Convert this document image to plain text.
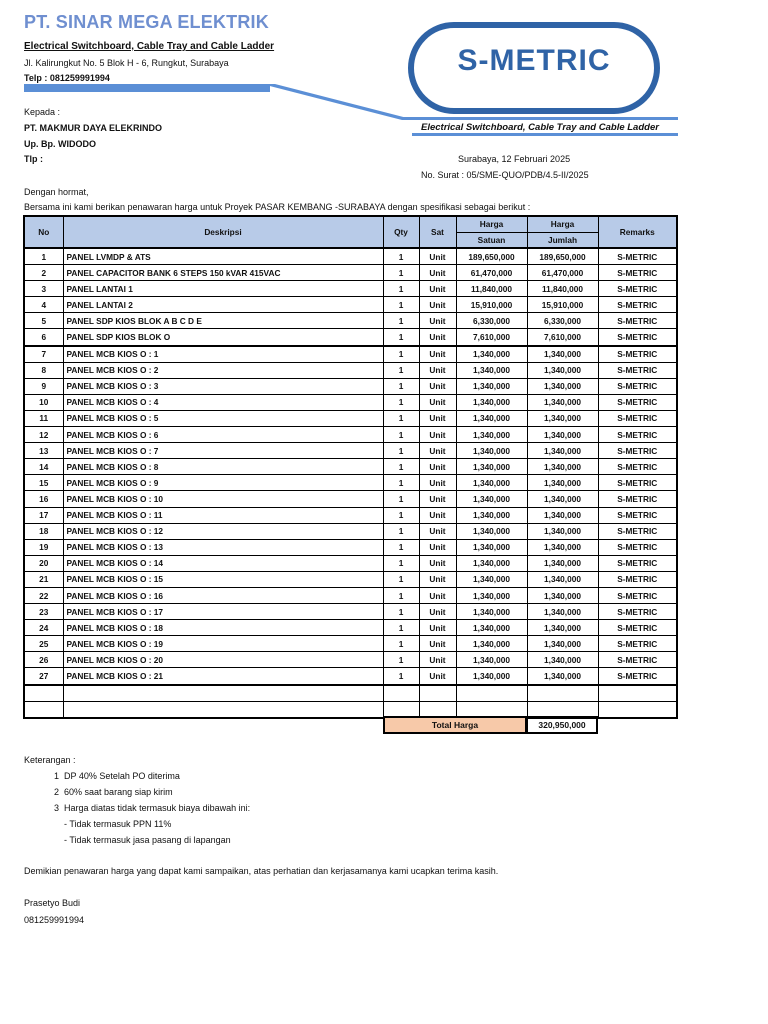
PT. SINAR MEGA ELEKTRIK
Electrical Switchboard, Cable Tray and Cable Ladder
Jl. Kalirungkut No. 5 Blok H - 6, Rungkut, Surabaya
Telp : 081259991994
S-METRIC
Electrical Switchboard, Cable Tray and Cable Ladder
Kepada :
PT. MAKMUR DAYA ELEKRINDO
Up. Bp. WIDODO
Tlp :	Surabaya, 12 Februari 2025
No. Surat : 05/SME-QUO/PDB/4.5-II/2025
Dengan hormat,
Bersama ini kami berikan penawaran harga untuk Proyek PASAR KEMBANG -SURABAYA dengan spesifikasi sebagai berikut :
No	Deskripsi	Qty	Sat	Harga	Harga	Remarks
				Satuan	Jumlah	
1	PANEL LVMDP & ATS	1	Unit	189,650,000	189,650,000	S-METRIC
2	PANEL CAPACITOR BANK 6 STEPS 150 kVAR 415VAC	1	Unit	61,470,000	61,470,000	S-METRIC
3	PANEL LANTAI 1	1	Unit	11,840,000	11,840,000	S-METRIC
4	PANEL LANTAI 2	1	Unit	15,910,000	15,910,000	S-METRIC
5	PANEL SDP KIOS BLOK A B C D E	1	Unit	6,330,000	6,330,000	S-METRIC
6	PANEL SDP KIOS BLOK O	1	Unit	7,610,000	7,610,000	S-METRIC
7	PANEL MCB KIOS O : 1	1	Unit	1,340,000	1,340,000	S-METRIC
8	PANEL MCB KIOS O : 2	1	Unit	1,340,000	1,340,000	S-METRIC
9	PANEL MCB KIOS O : 3	1	Unit	1,340,000	1,340,000	S-METRIC
10	PANEL MCB KIOS O : 4	1	Unit	1,340,000	1,340,000	S-METRIC
11	PANEL MCB KIOS O : 5	1	Unit	1,340,000	1,340,000	S-METRIC
12	PANEL MCB KIOS O : 6	1	Unit	1,340,000	1,340,000	S-METRIC
13	PANEL MCB KIOS O : 7	1	Unit	1,340,000	1,340,000	S-METRIC
14	PANEL MCB KIOS O : 8	1	Unit	1,340,000	1,340,000	S-METRIC
15	PANEL MCB KIOS O : 9	1	Unit	1,340,000	1,340,000	S-METRIC
16	PANEL MCB KIOS O : 10	1	Unit	1,340,000	1,340,000	S-METRIC
17	PANEL MCB KIOS O : 11	1	Unit	1,340,000	1,340,000	S-METRIC
18	PANEL MCB KIOS O : 12	1	Unit	1,340,000	1,340,000	S-METRIC
19	PANEL MCB KIOS O : 13	1	Unit	1,340,000	1,340,000	S-METRIC
20	PANEL MCB KIOS O : 14	1	Unit	1,340,000	1,340,000	S-METRIC
21	PANEL MCB KIOS O : 15	1	Unit	1,340,000	1,340,000	S-METRIC
22	PANEL MCB KIOS O : 16	1	Unit	1,340,000	1,340,000	S-METRIC
23	PANEL MCB KIOS O : 17	1	Unit	1,340,000	1,340,000	S-METRIC
24	PANEL MCB KIOS O : 18	1	Unit	1,340,000	1,340,000	S-METRIC
25	PANEL MCB KIOS O : 19	1	Unit	1,340,000	1,340,000	S-METRIC
26	PANEL MCB KIOS O : 20	1	Unit	1,340,000	1,340,000	S-METRIC
27	PANEL MCB KIOS O : 21	1	Unit	1,340,000	1,340,000	S-METRIC

Total Harga	320,950,000
Keterangan :
1 DP 40% Setelah PO diterima
2 60% saat barang siap kirim
3 Harga diatas tidak termasuk biaya dibawah ini:
- Tidak termasuk PPN 11%
- Tidak termasuk jasa pasang di lapangan
Demikian penawaran harga yang dapat kami sampaikan, atas perhatian dan kerjasamanya kami ucapkan terima kasih.
Prasetyo Budi
081259991994
